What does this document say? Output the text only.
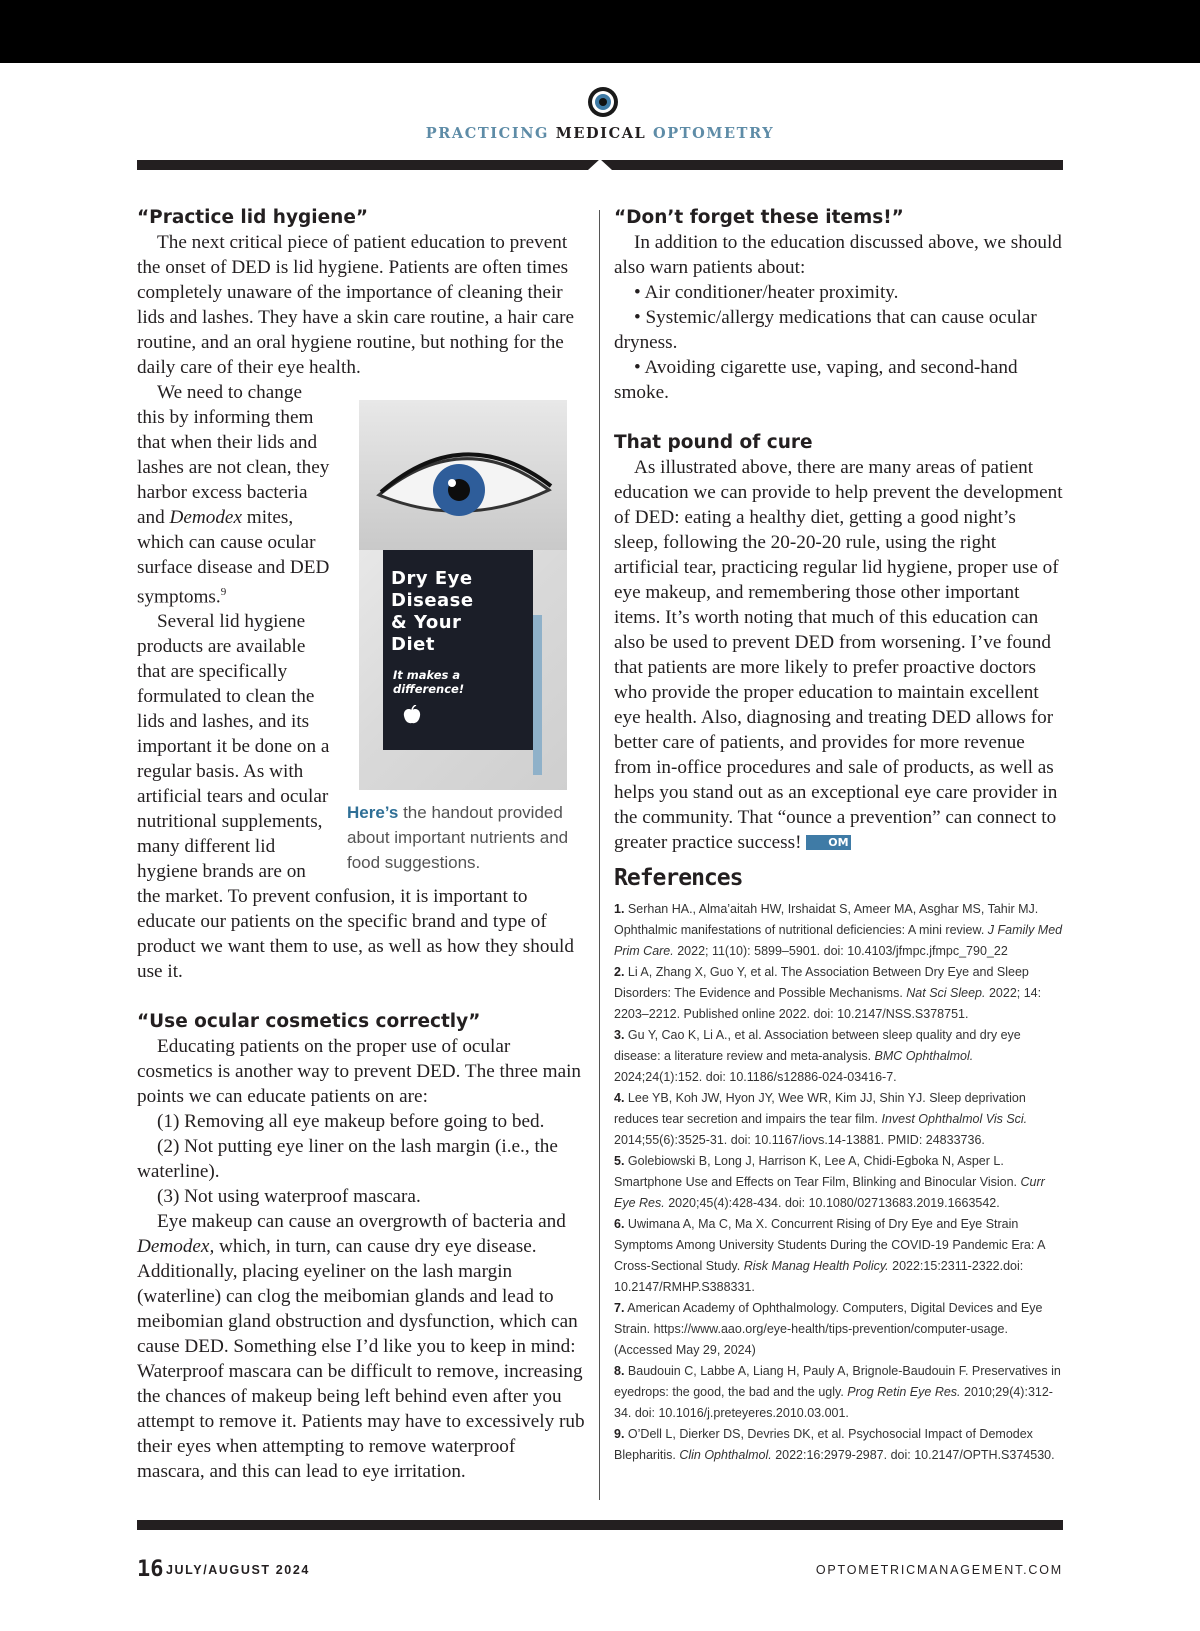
PRACTICING MEDICAL OPTOMETRY
“Practice lid hygiene”

The next critical piece of patient education to prevent the onset of DED is lid hygiene. Patients are often times completely unaware of the importance of cleaning their lids and lashes. They have a skin care routine, a hair care routine, and an oral hygiene routine, but nothing for the daily care of their eye health.

Dry Eye
Disease
& Your
Diet
It makes a
difference!
Here’s the handout provided about important nutrients and food suggestions.

We need to change this by informing them that when their lids and lashes are not clean, they harbor excess bacteria and Demodex mites, which can cause ocular surface disease and DED symptoms.$^9$

Several lid hygiene products are available that are specifically formulated to clean the lids and lashes, and its important it be done on a regular basis. As with artificial tears and ocular nutritional supplements, many different lid hygiene brands are on the market. To prevent confusion, it is important to educate our patients on the specific brand and type of product we want them to use, as well as how they should use it.

“Use ocular cosmetics correctly”

Educating patients on the proper use of ocular cosmetics is another way to prevent DED. The three main points we can educate patients on are:

(1) Removing all eye makeup before going to bed.

(2) Not putting eye liner on the lash margin (i.e., the waterline).

(3) Not using waterproof mascara.

Eye makeup can cause an overgrowth of bacteria and Demodex, which, in turn, can cause dry eye disease. Additionally, placing eyeliner on the lash margin (waterline) can clog the meibomian glands and lead to meibomian gland obstruction and dysfunction, which can cause DED. Something else I’d like you to keep in mind: Waterproof mascara can be difficult to remove, increasing the chances of makeup being left behind even after you attempt to remove it. Patients may have to excessively rub their eyes when attempting to remove waterproof mascara, and this can lead to eye irritation.

“Don’t forget these items!”

In addition to the education discussed above, we should also warn patients about:

• Air conditioner/heater proximity.

• Systemic/allergy medications that can cause ocular dryness.

• Avoiding cigarette use, vaping, and second-hand smoke.

That pound of cure

As illustrated above, there are many areas of patient education we can provide to help prevent the development of DED: eating a healthy diet, getting a good night’s sleep, following the 20-20-20 rule, using the right artificial tear, practicing regular lid hygiene, proper use of eye makeup, and remembering those other important items. It’s worth noting that much of this education can also be used to prevent DED from worsening. I’ve found that patients are more likely to prefer proactive doctors who provide the proper education to maintain excellent eye health. Also, diagnosing and treating DED allows for better care of patients, and provides for more revenue from in-office procedures and sale of products, as well as helps you stand out as an exceptional eye care provider in the community. That “ounce a prevention” can connect to greater practice success! OM

References
1. Serhan HA., Alma’aitah HW, Irshaidat S, Ameer MA, Asghar MS, Tahir MJ. Ophthalmic manifestations of nutritional deficiencies: A mini review. J Family Med Prim Care. 2022; 11(10): 5899–5901. doi: 10.4103/jfmpc.jfmpc_790_22
2. Li A, Zhang X, Guo Y, et al. The Association Between Dry Eye and Sleep Disorders: The Evidence and Possible Mechanisms. Nat Sci Sleep. 2022; 14: 2203–2212. Published online 2022. doi: 10.2147/NSS.S378751.
3. Gu Y, Cao K, Li A., et al. Association between sleep quality and dry eye disease: a literature review and meta-analysis. BMC Ophthalmol. 2024;24(1):152. doi: 10.1186/s12886-024-03416-7.
4. Lee YB, Koh JW, Hyon JY, Wee WR, Kim JJ, Shin YJ. Sleep deprivation reduces tear secretion and impairs the tear film. Invest Ophthalmol Vis Sci. 2014;55(6):3525-31. doi: 10.1167/iovs.14-13881. PMID: 24833736.
5. Golebiowski B, Long J, Harrison K, Lee A, Chidi-Egboka N, Asper L. Smartphone Use and Effects on Tear Film, Blinking and Binocular Vision. Curr Eye Res. 2020;45(4):428-434. doi: 10.1080/02713683.2019.1663542.
6. Uwimana A, Ma C, Ma X. Concurrent Rising of Dry Eye and Eye Strain Symptoms Among University Students During the COVID-19 Pandemic Era: A Cross-Sectional Study. Risk Manag Health Policy. 2022:15:2311-2322.doi: 10.2147/RMHP.S388331.
7. American Academy of Ophthalmology. Computers, Digital Devices and Eye Strain. https://www.aao.org/eye-health/tips-prevention/computer-usage. (Accessed May 29, 2024)
8. Baudouin C, Labbe A, Liang H, Pauly A, Brignole-Baudouin F. Preservatives in eyedrops: the good, the bad and the ugly. Prog Retin Eye Res. 2010;29(4):312-34. doi: 10.1016/j.preteyeres.2010.03.001.
9. O’Dell L, Dierker DS, Devries DK, et al. Psychosocial Impact of Demodex Blepharitis. Clin Ophthalmol. 2022:16:2979-2987. doi: 10.2147/OPTH.S374530.
16 JULY/AUGUST 2024	OPTOMETRICMANAGEMENT.COM
